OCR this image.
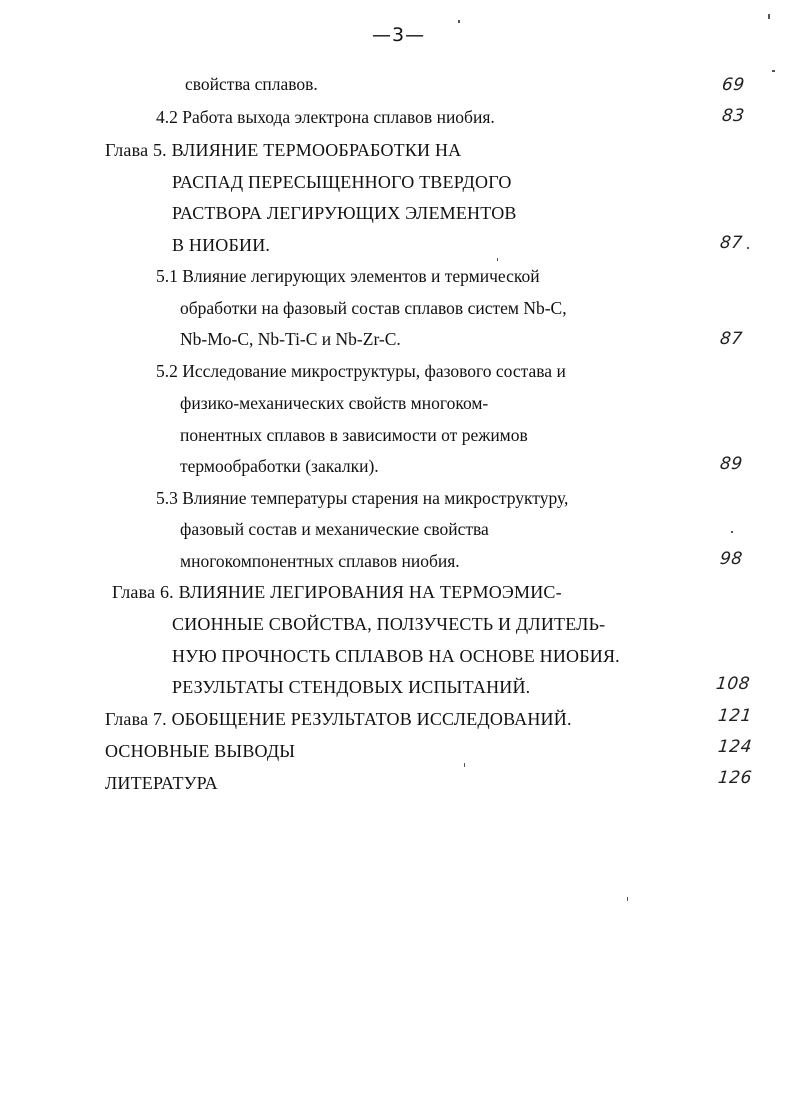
—3—
свойства сплавов.	69
4.2 Работа выхода электрона сплавов ниобия.	83
Глава 5. ВЛИЯНИЕ ТЕРМООБРАБОТКИ НА
РАСПАД ПЕРЕСЫЩЕННОГО ТВЕРДОГО
РАСТВОРА ЛЕГИРУЮЩИХ ЭЛЕМЕНТОВ
В НИОБИИ.	87
5.1 Влияние легирующих элементов и термической
обработки на фазовый состав сплавов систем Nb-C,
Nb-Mo-C, Nb-Ti-C и Nb-Zr-C.	87
5.2 Исследование микроструктуры, фазового состава и
физико-механических свойств многоком-
понентных сплавов в зависимости от режимов
термообработки (закалки).	89
5.3 Влияние температуры старения на микроструктуру,
фазовый состав и механические свойства
многокомпонентных сплавов ниобия.	98
Глава 6. ВЛИЯНИЕ ЛЕГИРОВАНИЯ НА ТЕРМОЭМИС-
СИОННЫЕ СВОЙСТВА, ПОЛЗУЧЕСТЬ И ДЛИТЕЛЬ-
НУЮ ПРОЧНОСТЬ СПЛАВОВ НА ОСНОВЕ НИОБИЯ.
РЕЗУЛЬТАТЫ СТЕНДОВЫХ ИСПЫТАНИЙ.	108
Глава 7. ОБОБЩЕНИЕ РЕЗУЛЬТАТОВ ИССЛЕДОВАНИЙ.	121
ОСНОВНЫЕ ВЫВОДЫ	124
ЛИТЕРАТУРА	126
